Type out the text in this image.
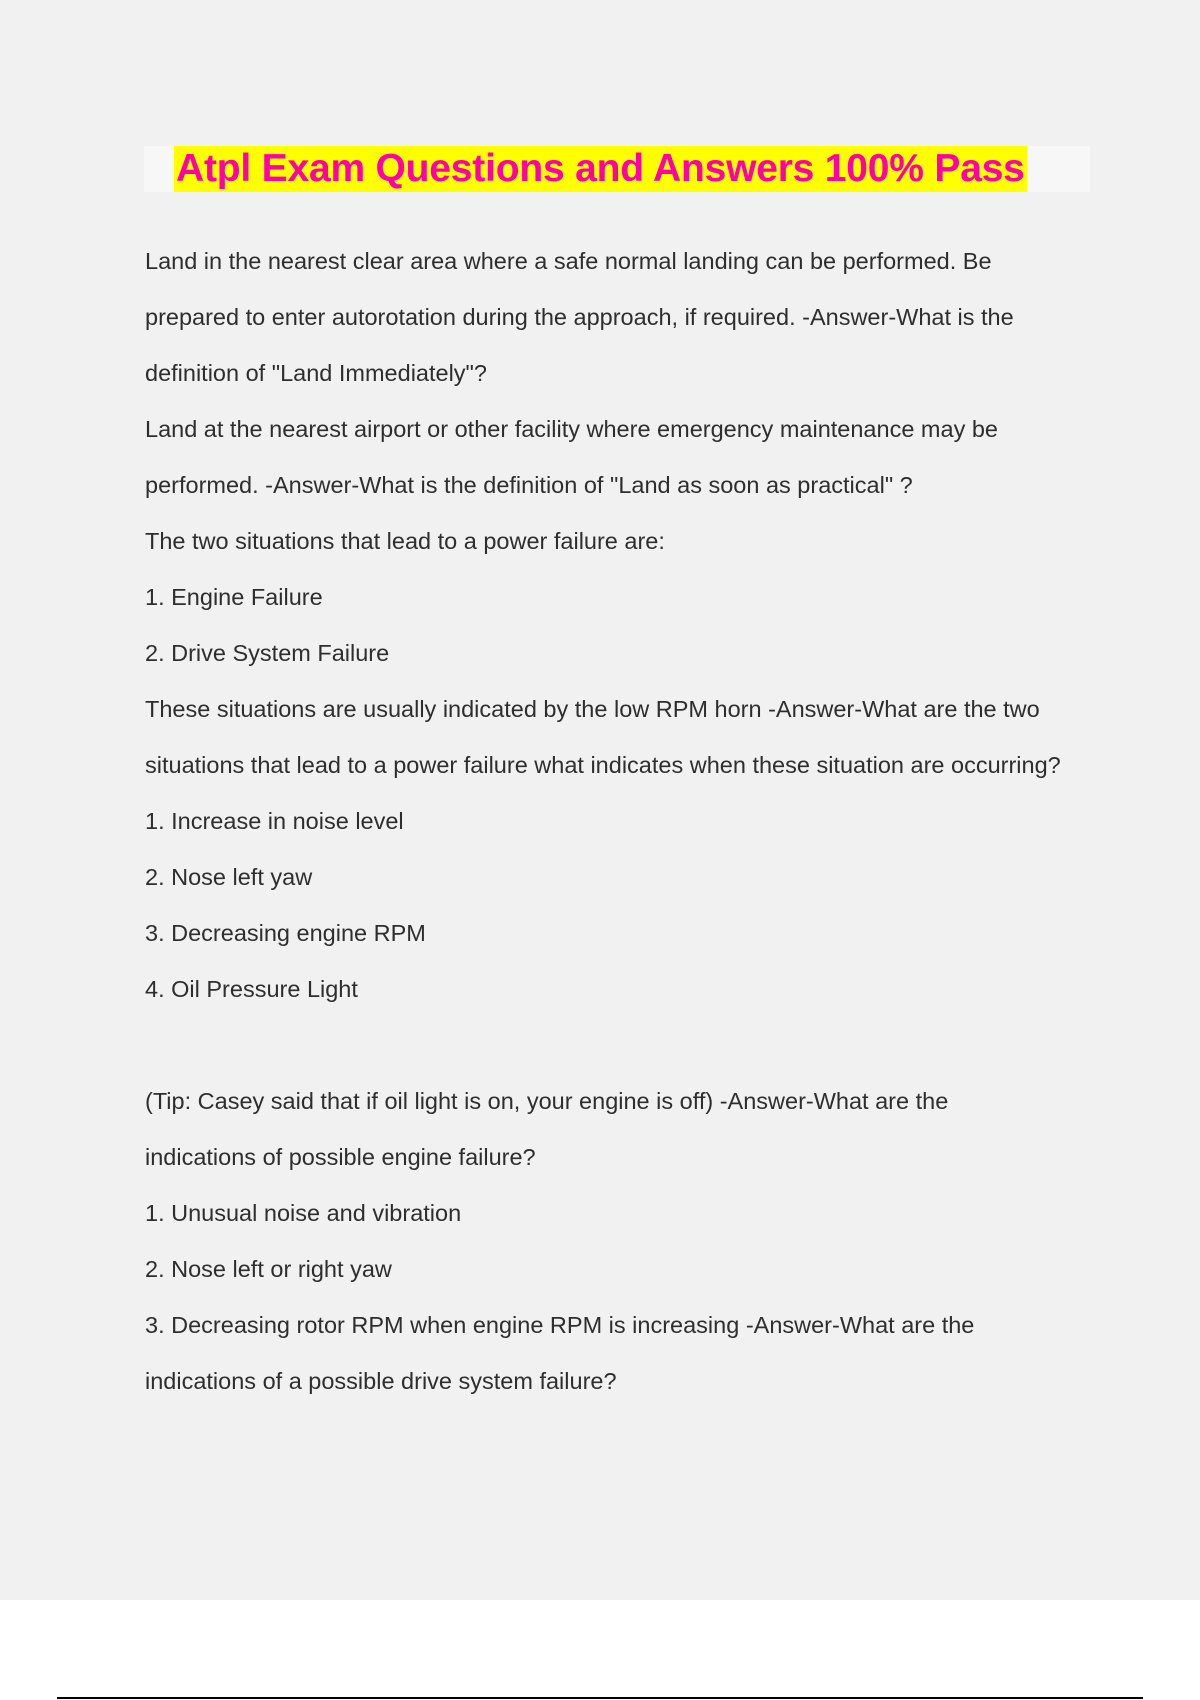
Atpl Exam Questions and Answers 100% Pass
Land in the nearest clear area where a safe normal landing can be performed. Be
prepared to enter autorotation during the approach, if required. -Answer-What is the
definition of "Land Immediately"?
Land at the nearest airport or other facility where emergency maintenance may be
performed. -Answer-What is the definition of "Land as soon as practical" ?
The two situations that lead to a power failure are:
1. Engine Failure
2. Drive System Failure
These situations are usually indicated by the low RPM horn -Answer-What are the two
situations that lead to a power failure what indicates when these situation are occurring?
1. Increase in noise level
2. Nose left yaw
3. Decreasing engine RPM
4. Oil Pressure Light
(Tip: Casey said that if oil light is on, your engine is off) -Answer-What are the
indications of possible engine failure?
1. Unusual noise and vibration
2. Nose left or right yaw
3. Decreasing rotor RPM when engine RPM is increasing -Answer-What are the
indications of a possible drive system failure?
